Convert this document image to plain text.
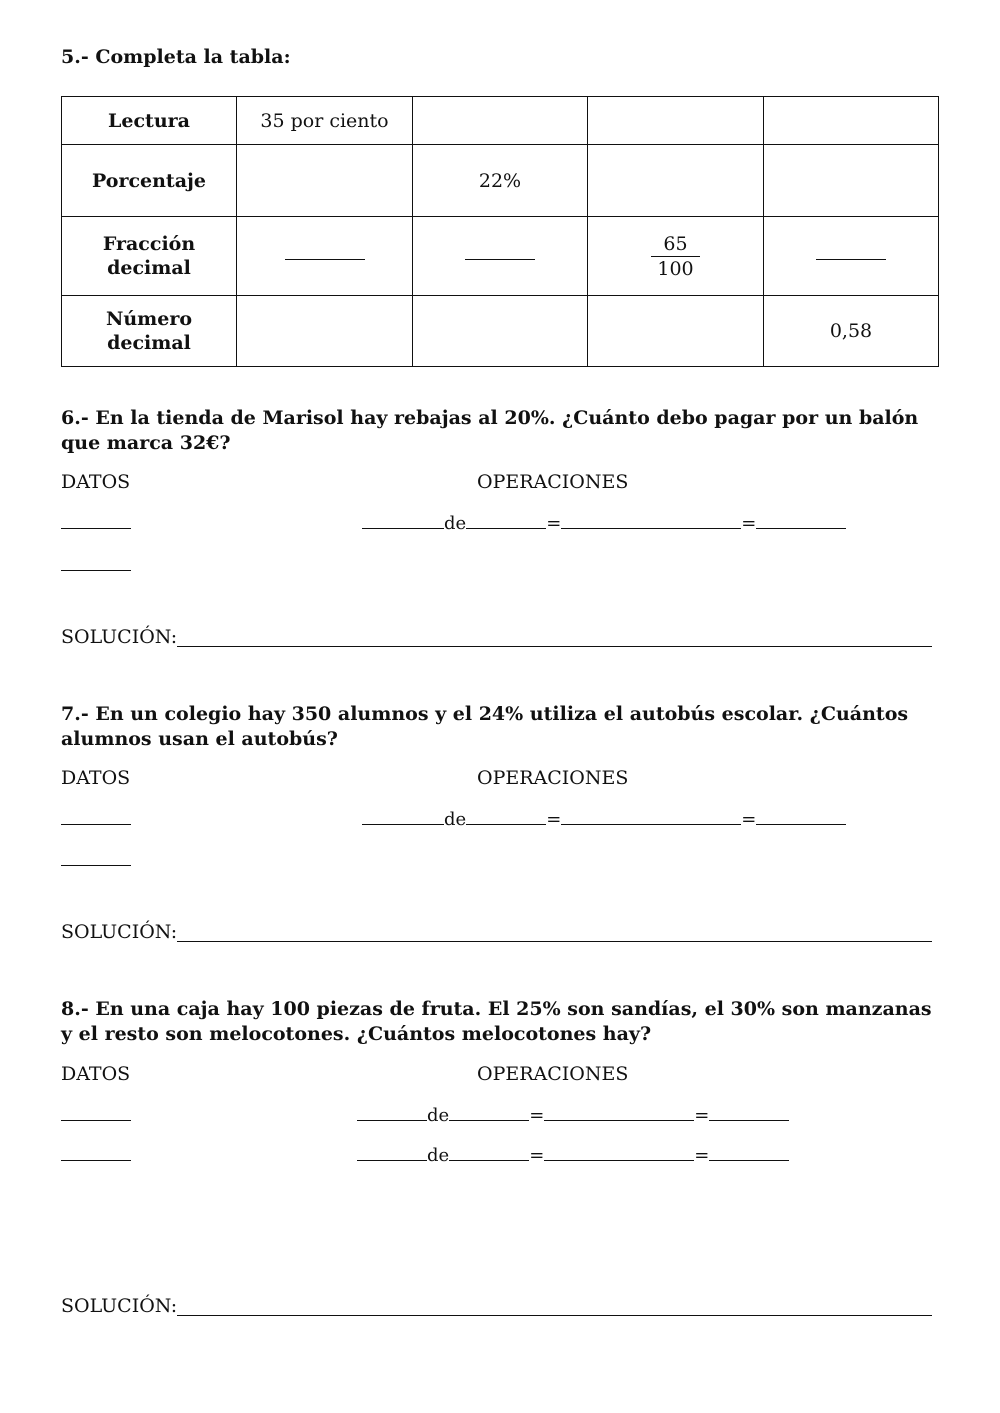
5.- Completa la tabla:
Lectura	35 por ciento			
Porcentaje		22%		
Fracción
decimal			$\frac{65}{100}$

Número
decimal				0,58
6.- En la tienda de Marisol hay rebajas al 20%. ¿Cuánto debo pagar por un balón
que marca 32€?
DATOS	OPERACIONES
de	=	=
SOLUCIÓN:
7.- En un colegio hay 350 alumnos y el 24% utiliza el autobús escolar. ¿Cuántos
alumnos usan el autobús?
DATOS	OPERACIONES
de	=	=
SOLUCIÓN:
8.- En una caja hay 100 piezas de fruta. El 25% son sandías, el 30% son manzanas
y el resto son melocotones. ¿Cuántos melocotones hay?
DATOS	OPERACIONES
de	=	=
de	=	=
SOLUCIÓN:
